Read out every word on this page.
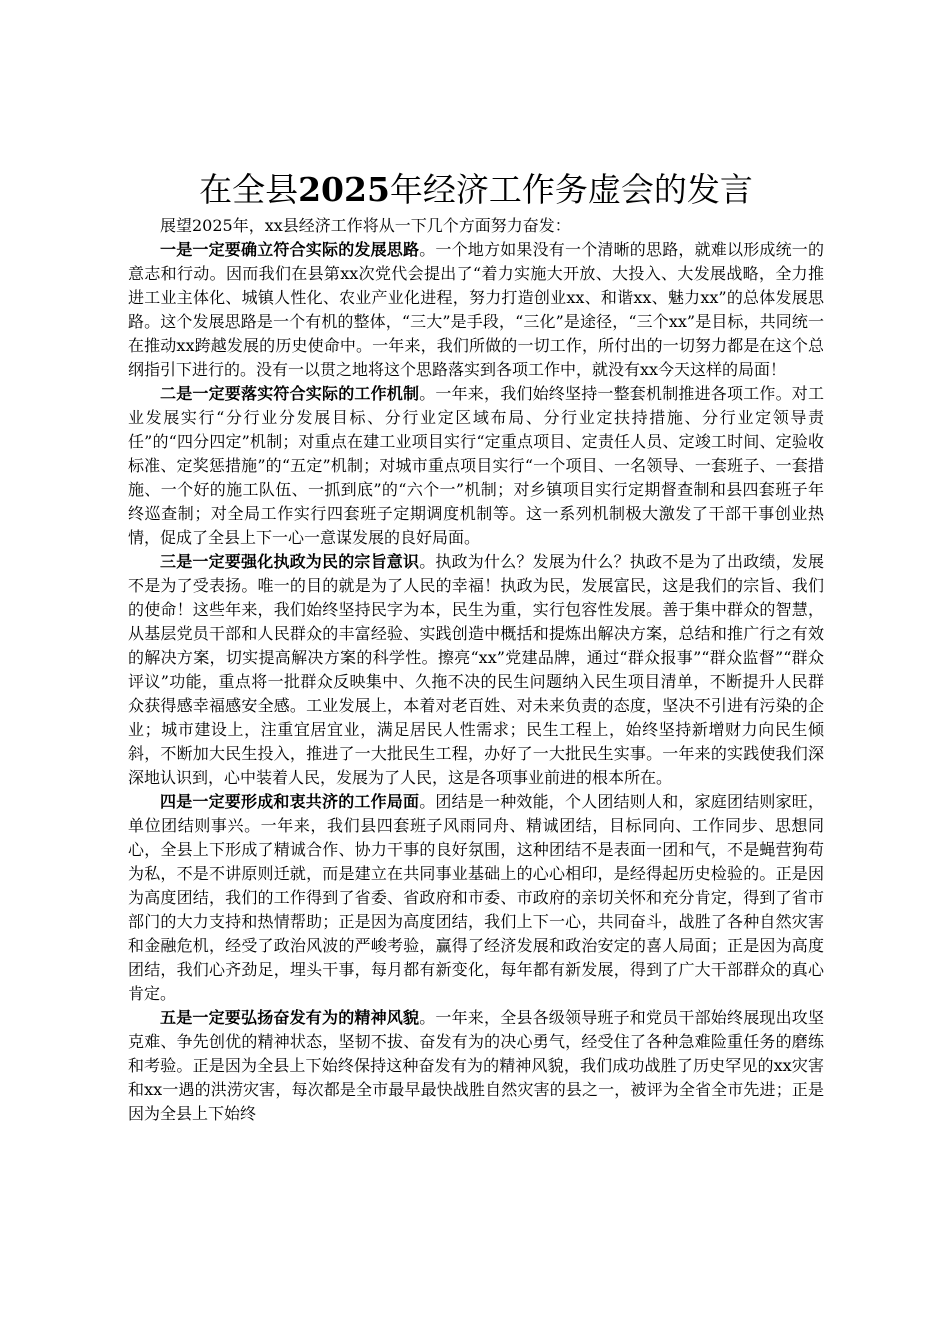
在全县2025年经济工作务虚会的发言

展望2025年，xx县经济工作将从一下几个方面努力奋发：

一是一定要确立符合实际的发展思路。一个地方如果没有一个清晰的思路，就难以形成统一的意志和行动。因而我们在县第xx次党代会提出了“着力实施大开放、大投入、大发展战略，全力推进工业主体化、城镇人性化、农业产业化进程，努力打造创业xx、和谐xx、魅力xx”的总体发展思路。这个发展思路是一个有机的整体，“三大”是手段，“三化”是途径，“三个xx”是目标，共同统一在推动xx跨越发展的历史使命中。一年来，我们所做的一切工作，所付出的一切努力都是在这个总纲指引下进行的。没有一以贯之地将这个思路落实到各项工作中，就没有xx今天这样的局面！

二是一定要落实符合实际的工作机制。一年来，我们始终坚持一整套机制推进各项工作。对工业发展实行“分行业分发展目标、分行业定区域布局、分行业定扶持措施、分行业定领导责任”的“四分四定”机制；对重点在建工业项目实行“定重点项目、定责任人员、定竣工时间、定验收标准、定奖惩措施”的“五定”机制；对城市重点项目实行“一个项目、一名领导、一套班子、一套措施、一个好的施工队伍、一抓到底”的“六个一”机制；对乡镇项目实行定期督查制和县四套班子年终巡查制；对全局工作实行四套班子定期调度机制等。这一系列机制极大激发了干部干事创业热情，促成了全县上下一心一意谋发展的良好局面。

三是一定要强化执政为民的宗旨意识。执政为什么？发展为什么？执政不是为了出政绩，发展不是为了受表扬。唯一的目的就是为了人民的幸福！执政为民，发展富民，这是我们的宗旨、我们的使命！这些年来，我们始终坚持民字为本，民生为重，实行包容性发展。善于集中群众的智慧，从基层党员干部和人民群众的丰富经验、实践创造中概括和提炼出解决方案，总结和推广行之有效的解决方案，切实提高解决方案的科学性。擦亮“xx”党建品牌，通过“群众报事”“群众监督”“群众评议”功能，重点将一批群众反映集中、久拖不决的民生问题纳入民生项目清单，不断提升人民群众获得感幸福感安全感。工业发展上，本着对老百姓、对未来负责的态度，坚决不引进有污染的企业；城市建设上，注重宜居宜业，满足居民人性需求；民生工程上，始终坚持新增财力向民生倾斜，不断加大民生投入，推进了一大批民生工程，办好了一大批民生实事。一年来的实践使我们深深地认识到，心中装着人民，发展为了人民，这是各项事业前进的根本所在。

四是一定要形成和衷共济的工作局面。团结是一种效能，个人团结则人和，家庭团结则家旺，单位团结则事兴。一年来，我们县四套班子风雨同舟、精诚团结，目标同向、工作同步、思想同心，全县上下形成了精诚合作、协力干事的良好氛围，这种团结不是表面一团和气，不是蝇营狗苟为私，不是不讲原则迁就，而是建立在共同事业基础上的心心相印，是经得起历史检验的。正是因为高度团结，我们的工作得到了省委、省政府和市委、市政府的亲切关怀和充分肯定，得到了省市部门的大力支持和热情帮助；正是因为高度团结，我们上下一心，共同奋斗，战胜了各种自然灾害和金融危机，经受了政治风波的严峻考验，赢得了经济发展和政治安定的喜人局面；正是因为高度团结，我们心齐劲足，埋头干事，每月都有新变化，每年都有新发展，得到了广大干部群众的真心肯定。

五是一定要弘扬奋发有为的精神风貌。一年来，全县各级领导班子和党员干部始终展现出攻坚克难、争先创优的精神状态，坚韧不拔、奋发有为的决心勇气，经受住了各种急难险重任务的磨练和考验。正是因为全县上下始终保持这种奋发有为的精神风貌，我们成功战胜了历史罕见的xx灾害和xx一遇的洪涝灾害，每次都是全市最早最快战胜自然灾害的县之一，被评为全省全市先进；正是因为全县上下始终
